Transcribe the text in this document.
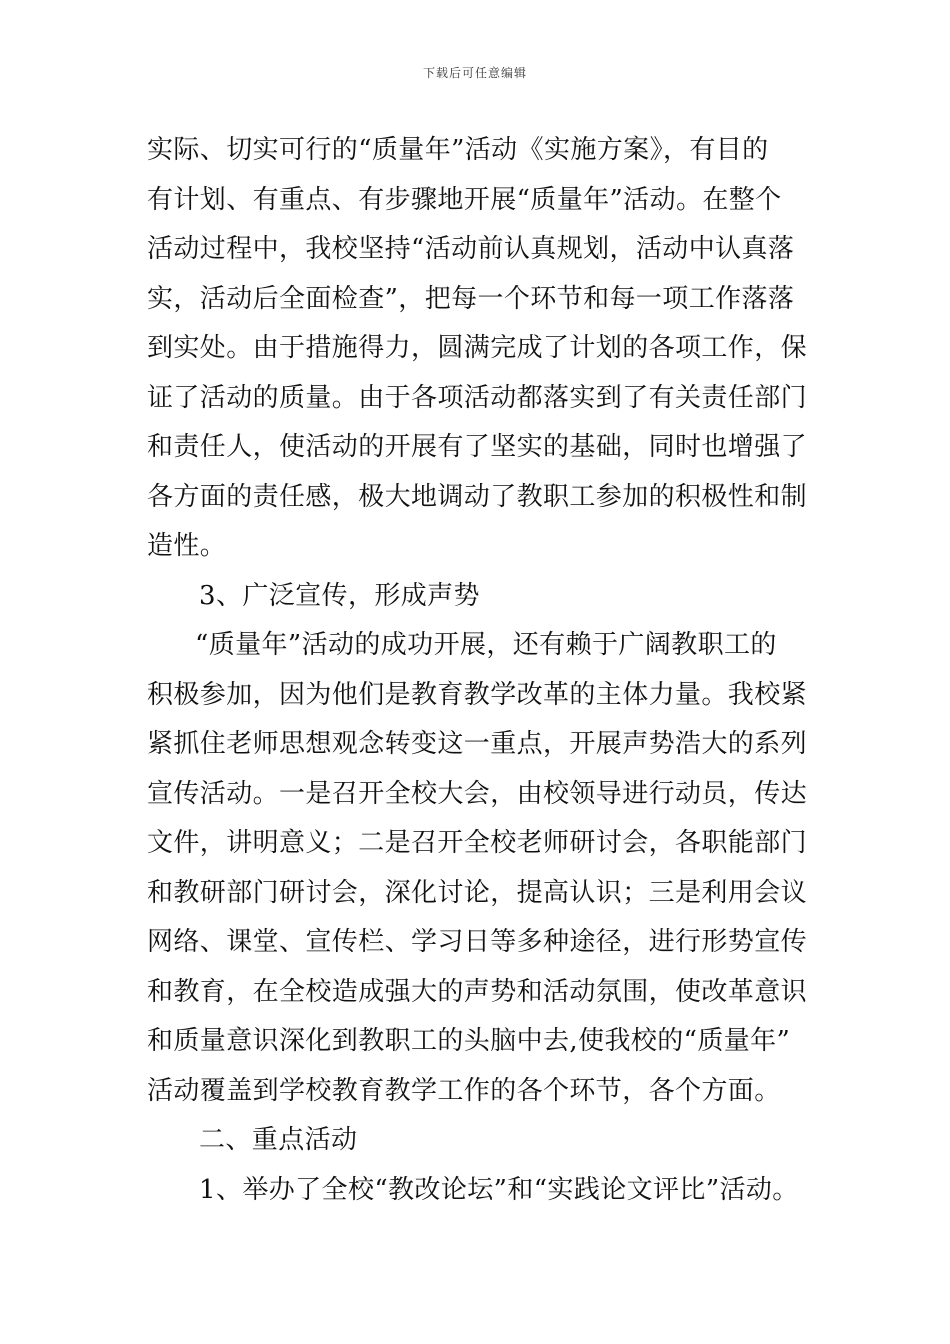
下载后可任意编辑
实际、切实可行的“质量年”活动《实施方案》，有目的
有计划、有重点、有步骤地开展“质量年”活动。在整个
活动过程中，我校坚持“活动前认真规划，活动中认真落
实，活动后全面检查”，把每一个环节和每一项工作落落
到实处。由于措施得力，圆满完成了计划的各项工作，保
证了活动的质量。由于各项活动都落实到了有关责任部门
和责任人，使活动的开展有了坚实的基础，同时也增强了
各方面的责任感，极大地调动了教职工参加的积极性和制
造性。
3、广泛宣传，形成声势
“质量年”活动的成功开展，还有赖于广阔教职工的
积极参加，因为他们是教育教学改革的主体力量。我校紧
紧抓住老师思想观念转变这一重点，开展声势浩大的系列
宣传活动。一是召开全校大会，由校领导进行动员，传达
文件，讲明意义；二是召开全校老师研讨会，各职能部门
和教研部门研讨会，深化讨论，提高认识；三是利用会议
网络、课堂、宣传栏、学习日等多种途径，进行形势宣传
和教育，在全校造成强大的声势和活动氛围，使改革意识
和质量意识深化到教职工的头脑中去,使我校的“质量年”
活动覆盖到学校教育教学工作的各个环节，各个方面。
二、重点活动
1、举办了全校“教改论坛”和“实践论文评比”活动。
